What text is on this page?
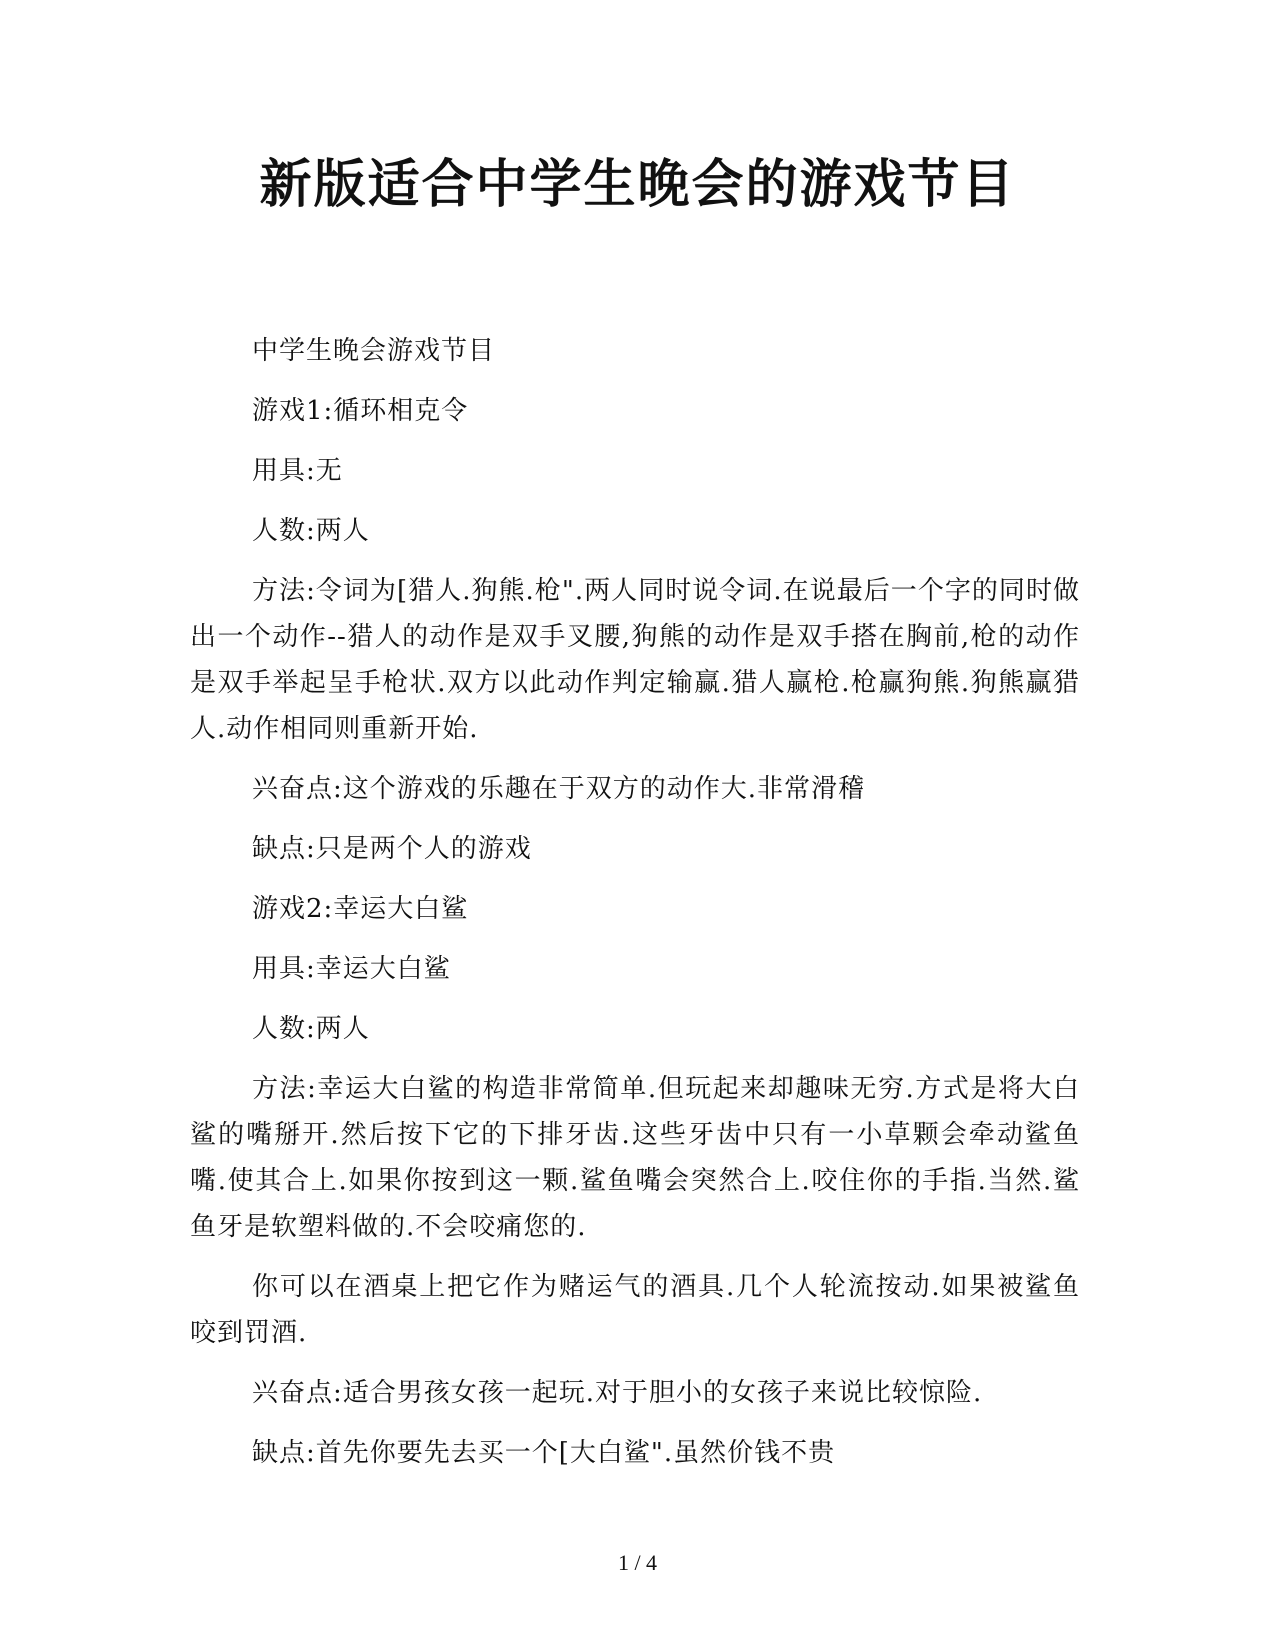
新版适合中学生晚会的游戏节目

中学生晚会游戏节目

游戏1:循环相克令

用具:无

人数:两人

方法:令词为[猎人.狗熊.枪".两人同时说令词.在说最后一个字的同时做出一个动作--猎人的动作是双手叉腰,狗熊的动作是双手搭在胸前,枪的动作是双手举起呈手枪状.双方以此动作判定输赢.猎人赢枪.枪赢狗熊.狗熊赢猎人.动作相同则重新开始.

兴奋点:这个游戏的乐趣在于双方的动作大.非常滑稽

缺点:只是两个人的游戏

游戏2:幸运大白鲨

用具:幸运大白鲨

人数:两人

方法:幸运大白鲨的构造非常简单.但玩起来却趣味无穷.方式是将大白鲨的嘴掰开.然后按下它的下排牙齿.这些牙齿中只有一小草颗会牵动鲨鱼嘴.使其合上.如果你按到这一颗.鲨鱼嘴会突然合上.咬住你的手指.当然.鲨鱼牙是软塑料做的.不会咬痛您的.

你可以在酒桌上把它作为赌运气的酒具.几个人轮流按动.如果被鲨鱼咬到罚酒.

兴奋点:适合男孩女孩一起玩.对于胆小的女孩子来说比较惊险.

缺点:首先你要先去买一个[大白鲨".虽然价钱不贵

1 / 4
